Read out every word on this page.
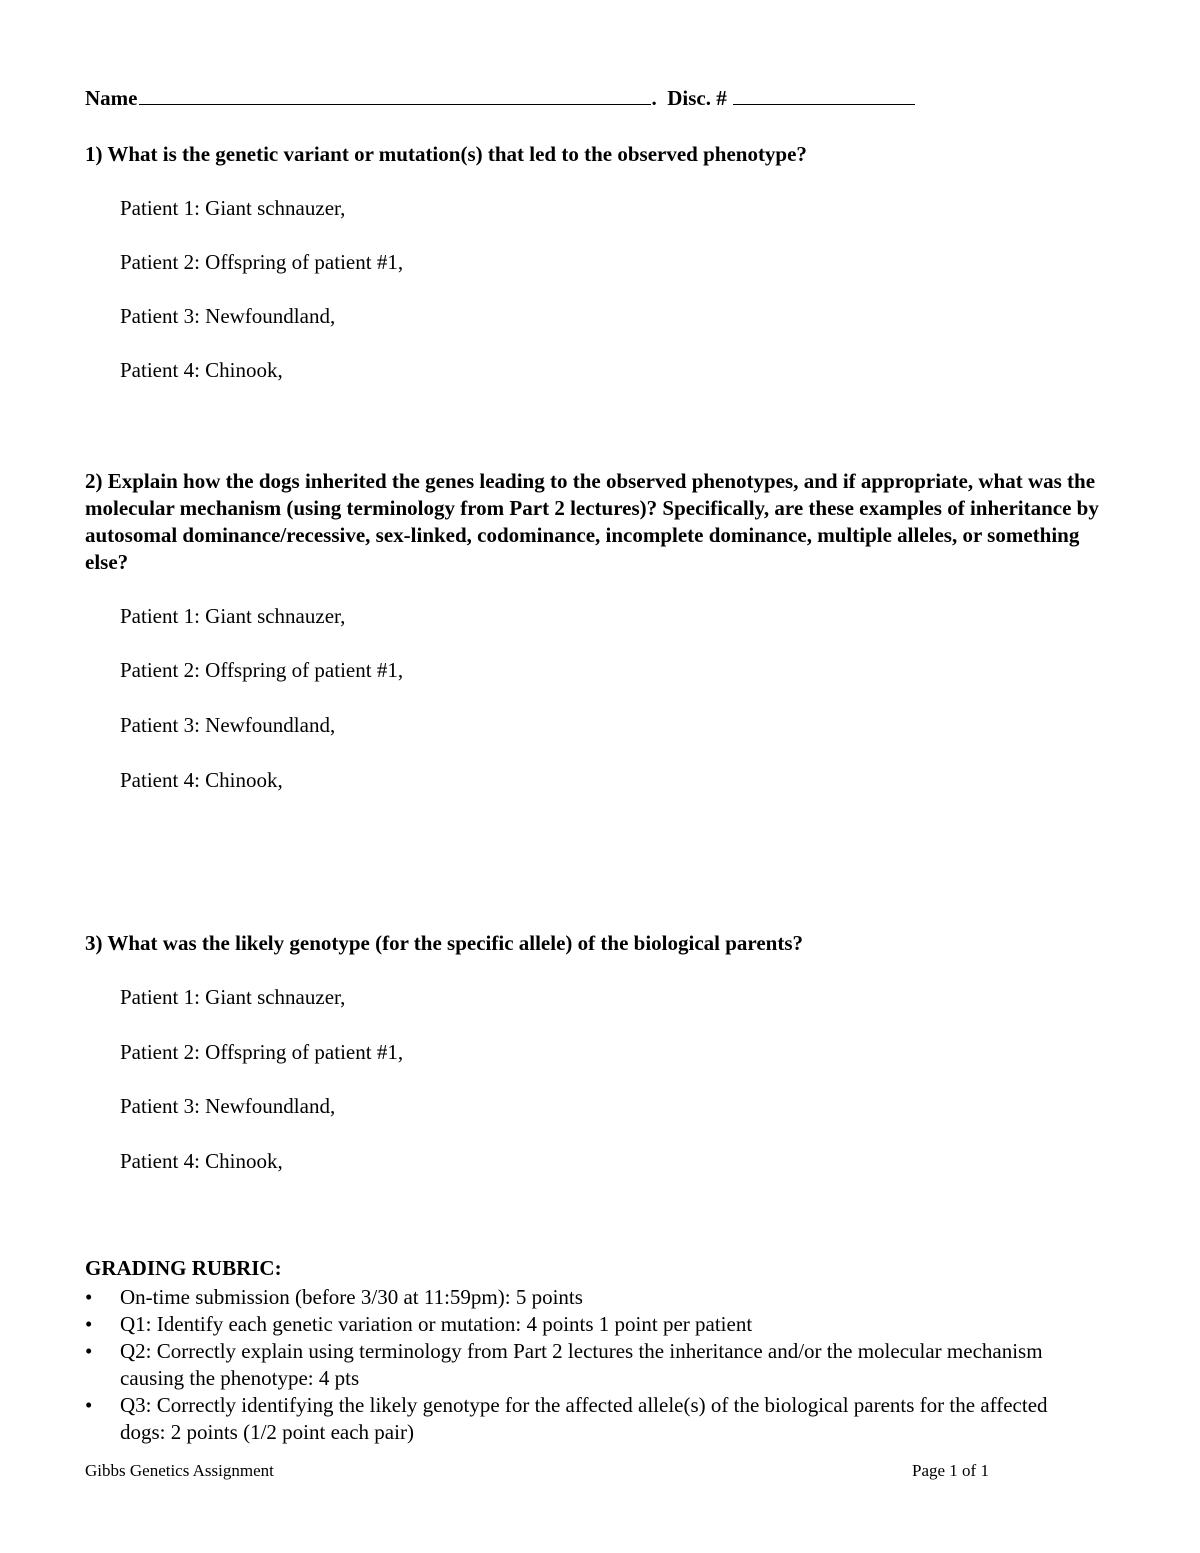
Name	. Disc. #
1) What is the genetic variant or mutation(s) that led to the observed phenotype?
Patient 1: Giant schnauzer,
Patient 2: Offspring of patient #1,
Patient 3: Newfoundland,
Patient 4: Chinook,
2) Explain how the dogs inherited the genes leading to the observed phenotypes, and if appropriate, what was the molecular mechanism (using terminology from Part 2 lectures)? Specifically, are these examples of inheritance by autosomal dominance/recessive, sex-linked, codominance, incomplete dominance, multiple alleles, or something else?
Patient 1: Giant schnauzer,
Patient 2: Offspring of patient #1,
Patient 3: Newfoundland,
Patient 4: Chinook,
3) What was the likely genotype (for the specific allele) of the biological parents?
Patient 1: Giant schnauzer,
Patient 2: Offspring of patient #1,
Patient 3: Newfoundland,
Patient 4: Chinook,
GRADING RUBRIC:
• On-time submission (before 3/30 at 11:59pm): 5 points
• Q1: Identify each genetic variation or mutation: 4 points 1 point per patient
• Q2: Correctly explain using terminology from Part 2 lectures the inheritance and/or the molecular mechanism causing the phenotype: 4 pts
• Q3: Correctly identifying the likely genotype for the affected allele(s) of the biological parents for the affected dogs: 2 points (1/2 point each pair)
Gibbs Genetics Assignment	Page 1 of 1
